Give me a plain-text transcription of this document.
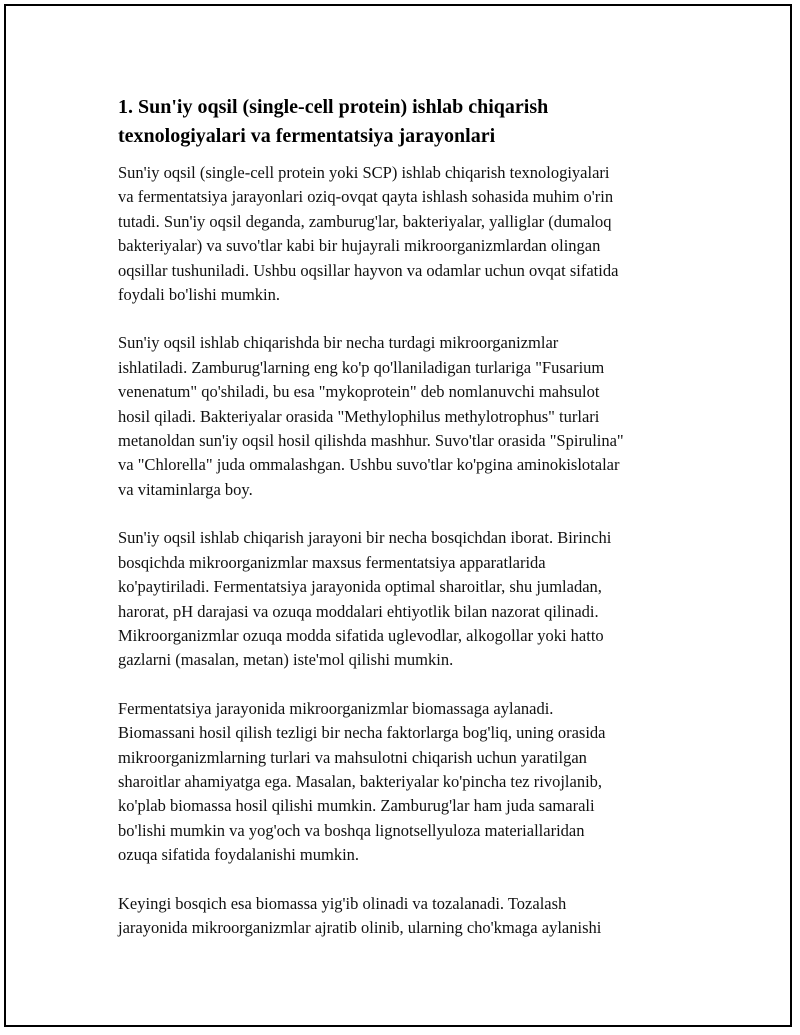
1. Sun'iy oqsil (single-cell protein) ishlab chiqarish
texnologiyalari va fermentatsiya jarayonlari

Sun'iy oqsil (single-cell protein yoki SCP) ishlab chiqarish texnologiyalari
va fermentatsiya jarayonlari oziq-ovqat qayta ishlash sohasida muhim o'rin
tutadi. Sun'iy oqsil deganda, zamburug'lar, bakteriyalar, yalliglar (dumaloq
bakteriyalar) va suvo'tlar kabi bir hujayrali mikroorganizmlardan olingan
oqsillar tushuniladi. Ushbu oqsillar hayvon va odamlar uchun ovqat sifatida
foydali bo'lishi mumkin.

Sun'iy oqsil ishlab chiqarishda bir necha turdagi mikroorganizmlar
ishlatiladi. Zamburug'larning eng ko'p qo'llaniladigan turlariga "Fusarium
venenatum" qo'shiladi, bu esa "mykoprotein" deb nomlanuvchi mahsulot
hosil qiladi. Bakteriyalar orasida "Methylophilus methylotrophus" turlari
metanoldan sun'iy oqsil hosil qilishda mashhur. Suvo'tlar orasida "Spirulina"
va "Chlorella" juda ommalashgan. Ushbu suvo'tlar ko'pgina aminokislotalar
va vitaminlarga boy.

Sun'iy oqsil ishlab chiqarish jarayoni bir necha bosqichdan iborat. Birinchi
bosqichda mikroorganizmlar maxsus fermentatsiya apparatlarida
ko'paytiriladi. Fermentatsiya jarayonida optimal sharoitlar, shu jumladan,
harorat, pH darajasi va ozuqa moddalari ehtiyotlik bilan nazorat qilinadi.
Mikroorganizmlar ozuqa modda sifatida uglevodlar, alkogollar yoki hatto
gazlarni (masalan, metan) iste'mol qilishi mumkin.

Fermentatsiya jarayonida mikroorganizmlar biomassaga aylanadi.
Biomassani hosil qilish tezligi bir necha faktorlarga bog'liq, uning orasida
mikroorganizmlarning turlari va mahsulotni chiqarish uchun yaratilgan
sharoitlar ahamiyatga ega. Masalan, bakteriyalar ko'pincha tez rivojlanib,
ko'plab biomassa hosil qilishi mumkin. Zamburug'lar ham juda samarali
bo'lishi mumkin va yog'och va boshqa lignotsellyuloza materiallaridan
ozuqa sifatida foydalanishi mumkin.

Keyingi bosqich esa biomassa yig'ib olinadi va tozalanadi. Tozalash
jarayonida mikroorganizmlar ajratib olinib, ularning cho'kmaga aylanishi
